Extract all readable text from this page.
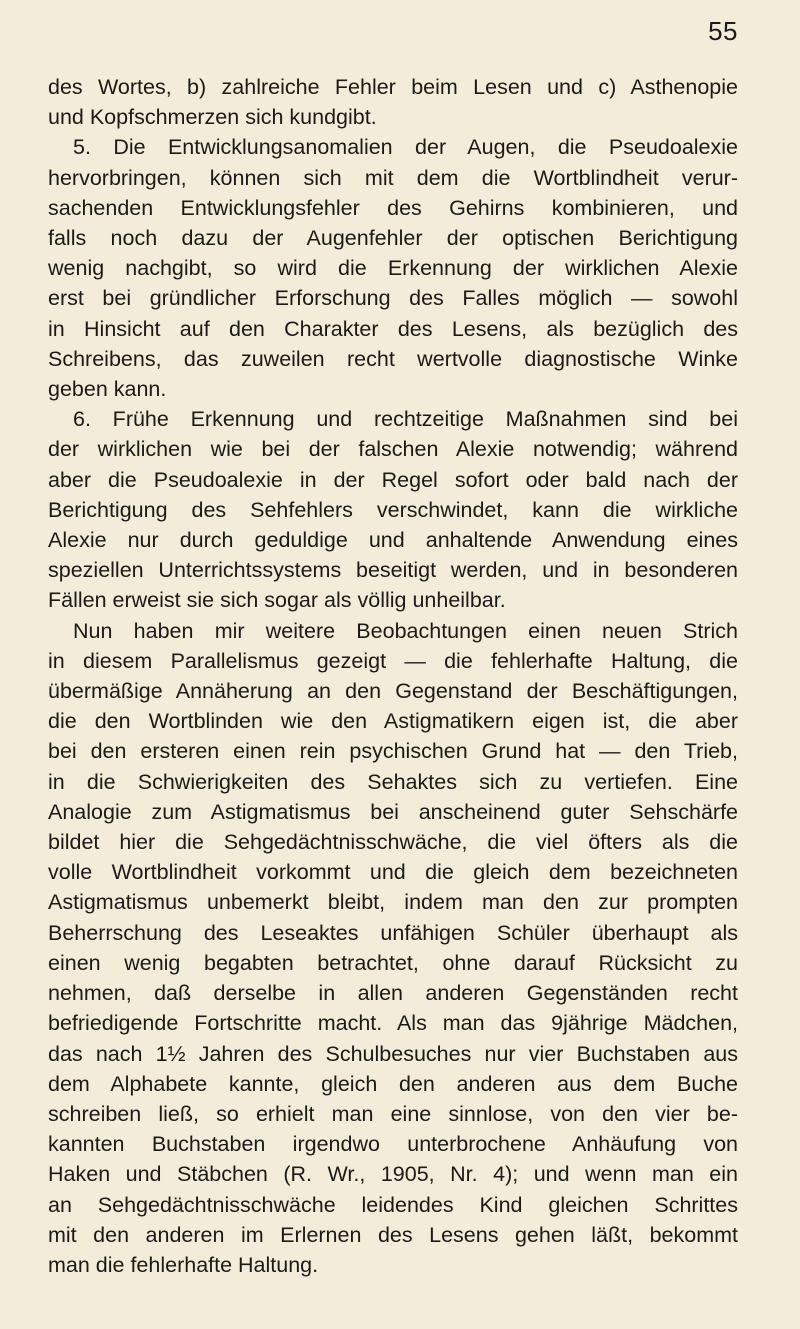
55

des Wortes, b) zahlreiche Fehler beim Lesen und c) Asthenopie
und Kopfschmerzen sich kundgibt.

5. Die Entwicklungsanomalien der Augen, die Pseudoalexie
hervorbringen, können sich mit dem die Wortblindheit verur-
sachenden Entwicklungsfehler des Gehirns kombinieren, und
falls noch dazu der Augenfehler der optischen Berichtigung
wenig nachgibt, so wird die Erkennung der wirklichen Alexie
erst bei gründlicher Erforschung des Falles möglich — sowohl
in Hinsicht auf den Charakter des Lesens, als bezüglich des
Schreibens, das zuweilen recht wertvolle diagnostische Winke
geben kann.

6. Frühe Erkennung und rechtzeitige Maßnahmen sind bei
der wirklichen wie bei der falschen Alexie notwendig; während
aber die Pseudoalexie in der Regel sofort oder bald nach der
Berichtigung des Sehfehlers verschwindet, kann die wirkliche
Alexie nur durch geduldige und anhaltende Anwendung eines
speziellen Unterrichtssystems beseitigt werden, und in besonderen
Fällen erweist sie sich sogar als völlig unheilbar.

Nun haben mir weitere Beobachtungen einen neuen Strich
in diesem Parallelismus gezeigt — die fehlerhafte Haltung, die
übermäßige Annäherung an den Gegenstand der Beschäftigungen,
die den Wortblinden wie den Astigmatikern eigen ist, die aber
bei den ersteren einen rein psychischen Grund hat — den Trieb,
in die Schwierigkeiten des Sehaktes sich zu vertiefen. Eine
Analogie zum Astigmatismus bei anscheinend guter Sehschärfe
bildet hier die Sehgedächtnisschwäche, die viel öfters als die
volle Wortblindheit vorkommt und die gleich dem bezeichneten
Astigmatismus unbemerkt bleibt, indem man den zur prompten
Beherrschung des Leseaktes unfähigen Schüler überhaupt als
einen wenig begabten betrachtet, ohne darauf Rücksicht zu
nehmen, daß derselbe in allen anderen Gegenständen recht
befriedigende Fortschritte macht. Als man das 9jährige Mädchen,
das nach 1½ Jahren des Schulbesuches nur vier Buchstaben aus
dem Alphabete kannte, gleich den anderen aus dem Buche
schreiben ließ, so erhielt man eine sinnlose, von den vier be-
kannten Buchstaben irgendwo unterbrochene Anhäufung von
Haken und Stäbchen (R. Wr., 1905, Nr. 4); und wenn man ein
an Sehgedächtnisschwäche leidendes Kind gleichen Schrittes
mit den anderen im Erlernen des Lesens gehen läßt, bekommt
man die fehlerhafte Haltung.
